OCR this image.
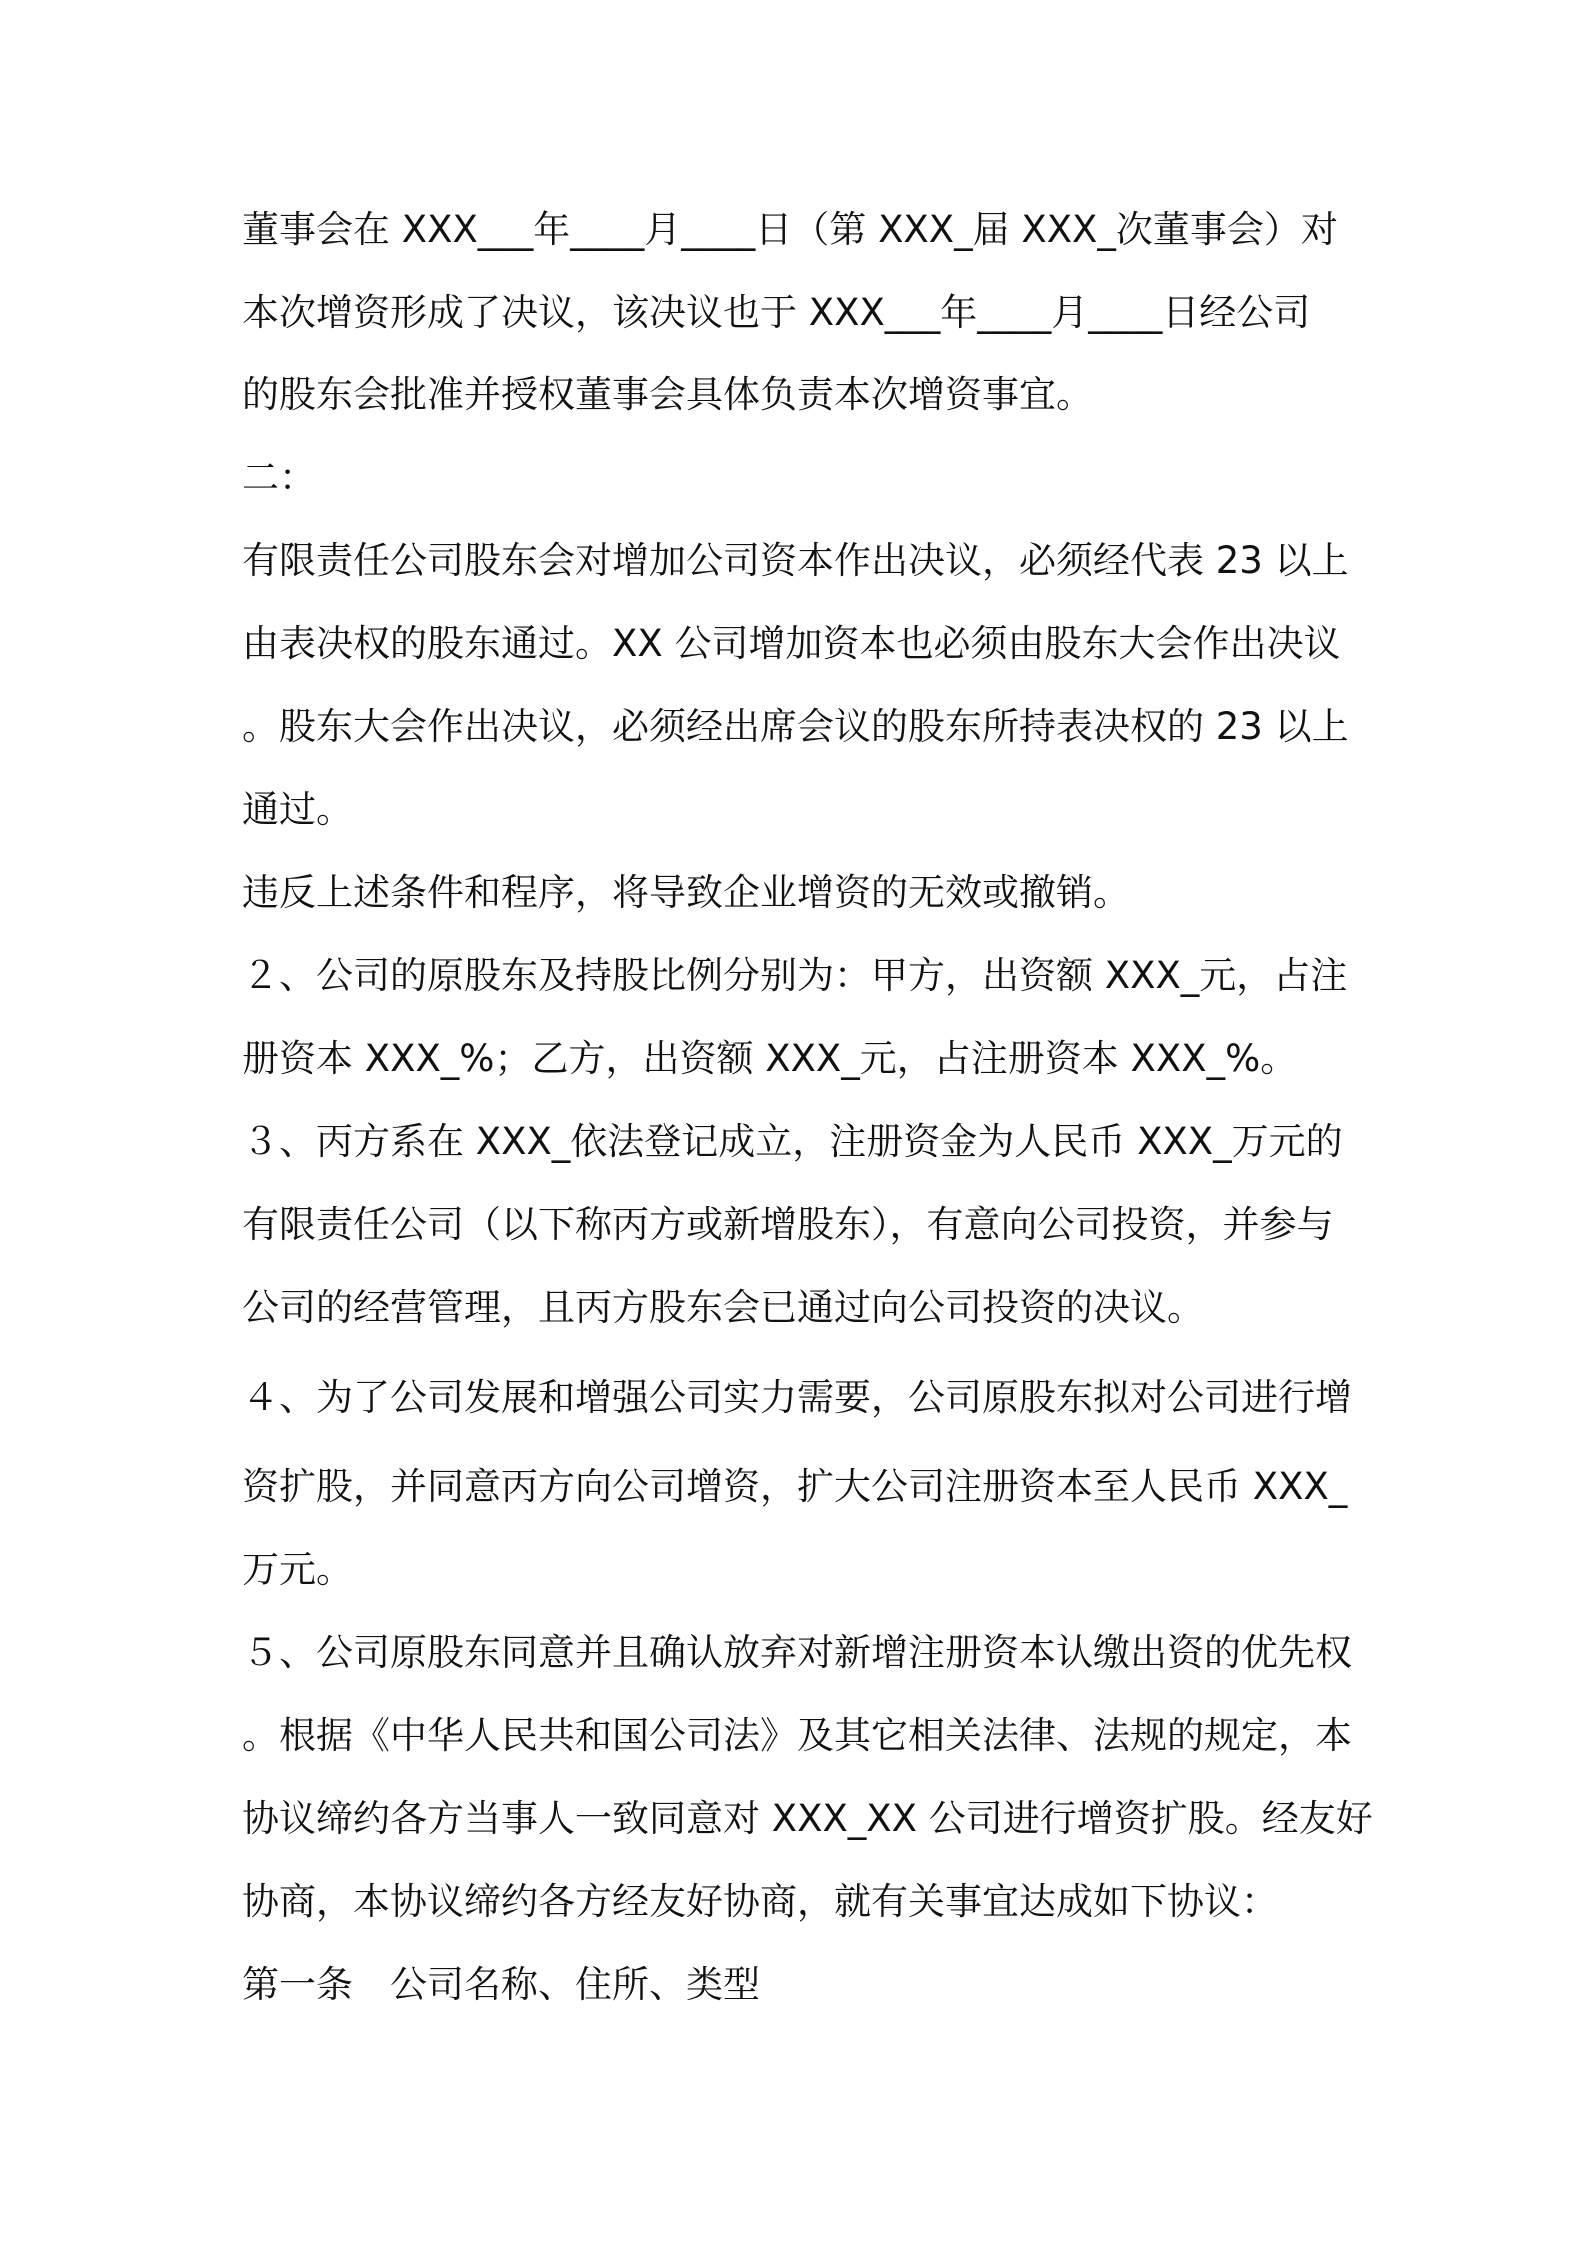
董事会在 XXX___年____月____日（第 XXX_届 XXX_次董事会）对
本次增资形成了决议，该决议也于 XXX___年____月____日经公司
的股东会批准并授权董事会具体负责本次增资事宜。
二：
有限责任公司股东会对增加公司资本作出决议，必须经代表 23 以上
由表决权的股东通过。XX 公司增加资本也必须由股东大会作出决议
。股东大会作出决议，必须经出席会议的股东所持表决权的 23 以上
通过。
违反上述条件和程序，将导致企业增资的无效或撤销。
２、公司的原股东及持股比例分别为：甲方，出资额 XXX_元，占注
册资本 XXX_%；乙方，出资额 XXX_元，占注册资本 XXX_%。
３、丙方系在 XXX_依法登记成立，注册资金为人民币 XXX_万元的
有限责任公司（以下称丙方或新增股东），有意向公司投资，并参与
公司的经营管理，且丙方股东会已通过向公司投资的决议。
４、为了公司发展和增强公司实力需要，公司原股东拟对公司进行增
资扩股，并同意丙方向公司增资，扩大公司注册资本至人民币 XXX_
万元。
５、公司原股东同意并且确认放弃对新增注册资本认缴出资的优先权
。根据《中华人民共和国公司法》及其它相关法律、法规的规定，本
协议缔约各方当事人一致同意对 XXX_XX 公司进行增资扩股。经友好
协商，本协议缔约各方经友好协商，就有关事宜达成如下协议：
第一条　公司名称、住所、类型
